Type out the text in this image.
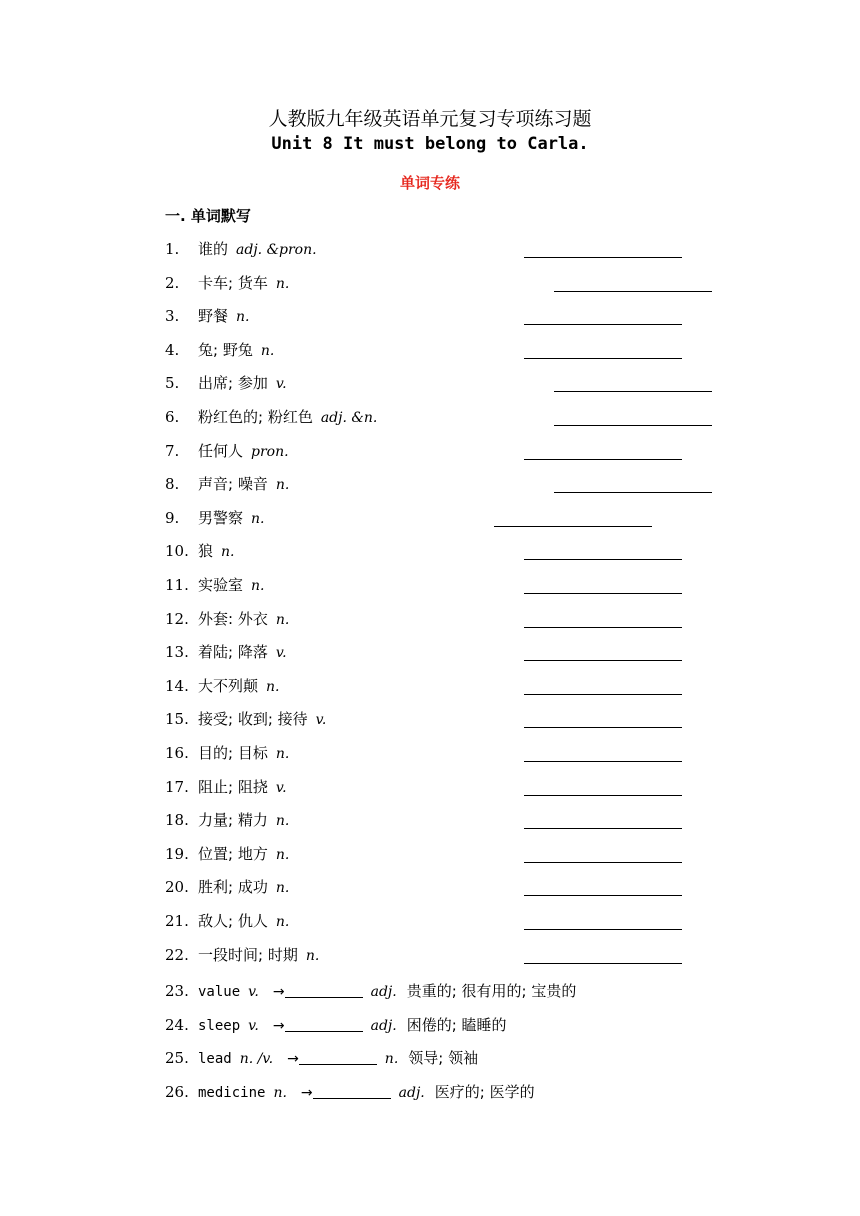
人教版九年级英语单元复习专项练习题
Unit 8 It must belong to Carla.
单词专练
一. 单词默写
1. 谁的 adj. &pron.
2. 卡车; 货车 n.
3. 野餐 n.
4. 兔; 野兔 n.
5. 出席; 参加 v.
6. 粉红色的; 粉红色 adj. &n.
7. 任何人 pron.
8. 声音; 噪音 n.
9. 男警察 n.
10. 狼 n.
11. 实验室 n.
12. 外套: 外衣 n.
13. 着陆; 降落 v.
14. 大不列颠 n.
15. 接受; 收到; 接待 v.
16. 目的; 目标 n.
17. 阻止; 阻挠 v.
18. 力量; 精力 n.
19. 位置; 地方 n.
20. 胜利; 成功 n.
21. 敌人; 仇人 n.
22. 一段时间; 时期 n.
23. value v. →	adj. 贵重的; 很有用的; 宝贵的
24. sleep v. →	adj. 困倦的; 瞌睡的
25. lead n. /v. →	n. 领导; 领袖
26. medicine n. →	adj. 医疗的; 医学的
